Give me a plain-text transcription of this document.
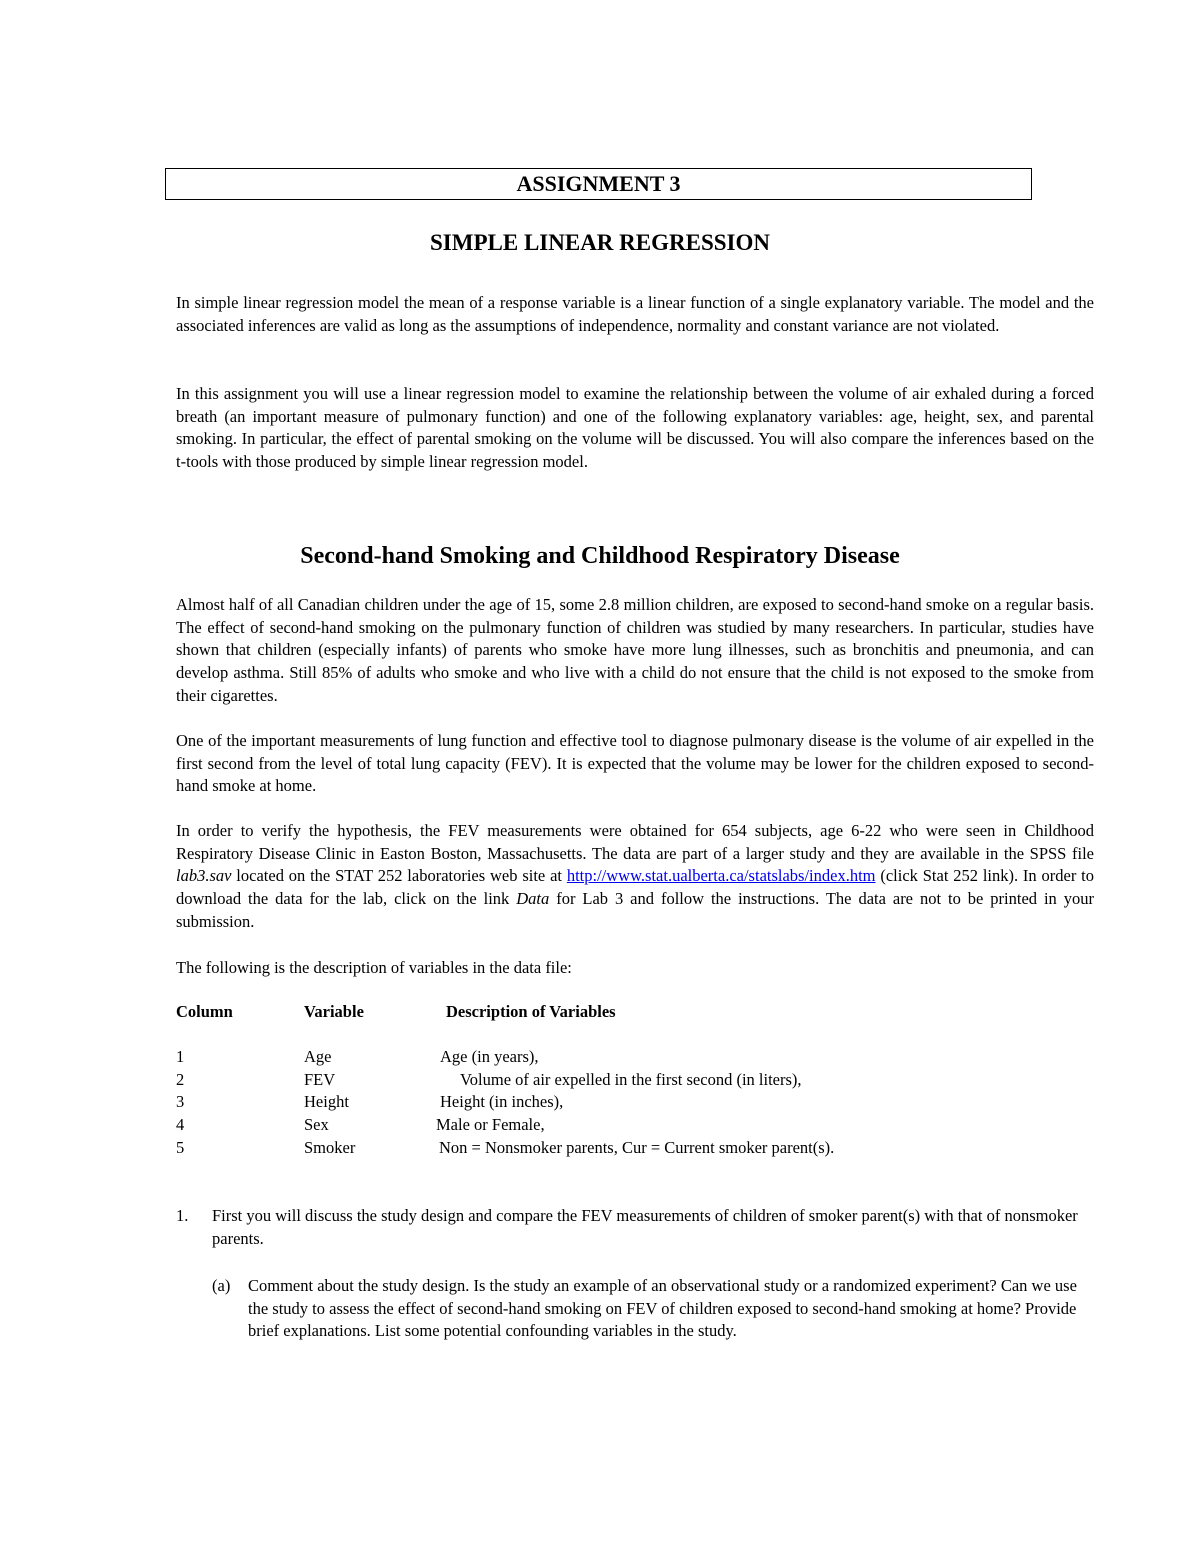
ASSIGNMENT 3
SIMPLE LINEAR REGRESSION

In simple linear regression model the mean of a response variable is a linear function of a single explanatory variable. The model and the associated inferences are valid as long as the assumptions of independence, normality and constant variance are not violated.

In this assignment you will use a linear regression model to examine the relationship between the volume of air exhaled during a forced breath (an important measure of pulmonary function) and one of the following explanatory variables: age, height, sex, and parental smoking. In particular, the effect of parental smoking on the volume will be discussed. You will also compare the inferences based on the t-tools with those produced by simple linear regression model.

Second-hand Smoking and Childhood Respiratory Disease

Almost half of all Canadian children under the age of 15, some 2.8 million children, are exposed to second-hand smoke on a regular basis. The effect of second-hand smoking on the pulmonary function of children was studied by many researchers. In particular, studies have shown that children (especially infants) of parents who smoke have more lung illnesses, such as bronchitis and pneumonia, and can develop asthma. Still 85% of adults who smoke and who live with a child do not ensure that the child is not exposed to the smoke from their cigarettes.

One of the important measurements of lung function and effective tool to diagnose pulmonary disease is the volume of air expelled in the first second from the level of total lung capacity (FEV). It is expected that the volume may be lower for the children exposed to second-hand smoke at home.

In order to verify the hypothesis, the FEV measurements were obtained for 654 subjects, age 6-22 who were seen in Childhood Respiratory Disease Clinic in Easton Boston, Massachusetts. The data are part of a larger study and they are available in the SPSS file lab3.sav located on the STAT 252 laboratories web site at http://www.stat.ualberta.ca/statslabs/index.htm (click Stat 252 link). In order to download the data for the lab, click on the link Data for Lab 3 and follow the instructions. The data are not to be printed in your submission.

The following is the description of variables in the data file:

Column	Variable	Description of Variables
1	Age	Age (in years),
2	FEV	Volume of air expelled in the first second (in liters),
3	Height	Height (in inches),
4	Sex	Male or Female,
5	Smoker	Non = Nonsmoker parents, Cur = Current smoker parent(s).
1. First you will discuss the study design and compare the FEV measurements of children of smoker parent(s) with that of nonsmoker parents.
(a) Comment about the study design. Is the study an example of an observational study or a randomized experiment? Can we use the study to assess the effect of second-hand smoking on FEV of children exposed to second-hand smoking at home? Provide brief explanations. List some potential confounding variables in the study.
